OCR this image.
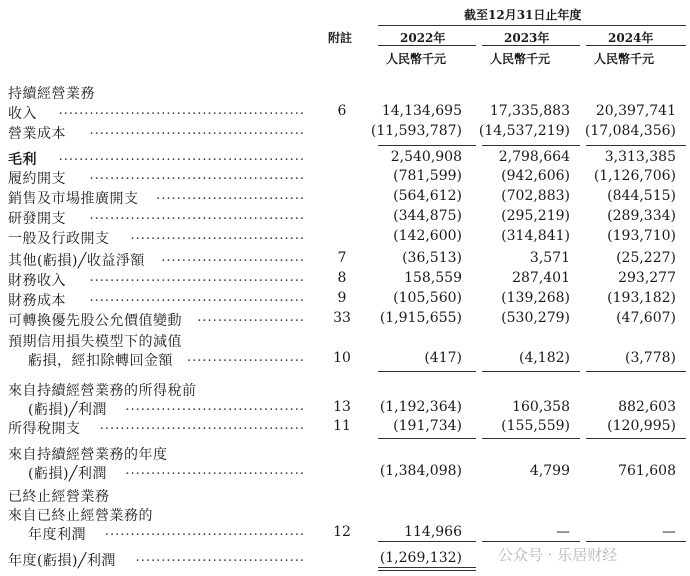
截至12月31日止年度
附註	2022年	2023年	2024年
人民幣千元	人民幣千元	人民幣千元
持續經營業務
收入 ................................................	6	14,134,695 17,335,883 20,397,741
營業成本 ..........................................	(11,593,787) (14,537,219) (17,084,356)
毛利 ................................................	2,540,908	2,798,664 3,313,385
履約開支 ..........................................	(781,599)	(942,606) (1,126,706)
銷售及市場推廣開支 .............................	(564,612)	(702,883)	(844,515)
研發開支 ..........................................	(344,875)	(295,219)	(289,334)
一般及行政開支 ..................................	(142,600)	(314,841)	(193,710)
其他(虧損)╱收益淨額 ............................	7	(36,513)	3,571	(25,227)
財務收入 ..........................................	8	158,559	287,401	293,277
財務成本 ..........................................	9	(105,560)	(139,268)	(193,182)
可轉換優先股公允價值變動 .....................	33	(1,915,655)	(530,279)	(47,607)
預期信用損失模型下的減值
虧損，經扣除轉回金額 .......................	10	(417)	(4,182)	(3,778)
來自持續經營業務的所得稅前
(虧損)╱利潤 ...................................	13	(1,192,364)	160,358	882,603
所得稅開支 ........................................	11	(191,734)	(155,559)	(120,995)
來自持續經營業務的年度
(虧損)╱利潤 ...................................	(1,384,098)	4,799	761,608
已終止經營業務
來自已終止經營業務的
年度利潤 .......................................	12	114,966	—	—
年度(虧損)╱利潤 .................................	(1,269,132) 公众号 · 乐居财经
